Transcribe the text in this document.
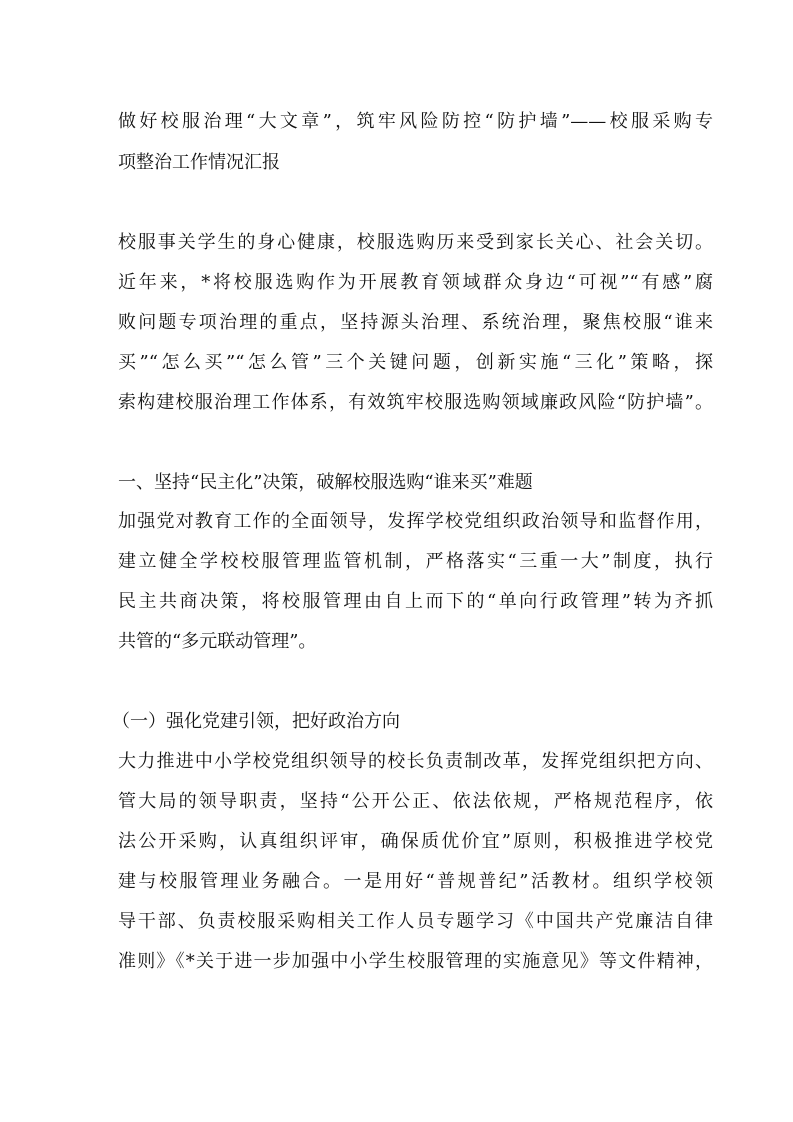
做好校服治理“大文章”，筑牢风险防控“防护墙”——校服采购专
项整治工作情况汇报
校服事关学生的身心健康，校服选购历来受到家长关心、社会关切。
近年来，*将校服选购作为开展教育领域群众身边“可视”“有感”腐
败问题专项治理的重点，坚持源头治理、系统治理，聚焦校服“谁来
买”“怎么买”“怎么管”三个关键问题，创新实施“三化”策略，探
索构建校服治理工作体系，有效筑牢校服选购领域廉政风险“防护墙”。
一、坚持“民主化”决策，破解校服选购“谁来买”难题
加强党对教育工作的全面领导，发挥学校党组织政治领导和监督作用，
建立健全学校校服管理监管机制，严格落实“三重一大”制度，执行
民主共商决策，将校服管理由自上而下的“单向行政管理”转为齐抓
共管的“多元联动管理”。
（一）强化党建引领，把好政治方向
大力推进中小学校党组织领导的校长负责制改革，发挥党组织把方向、
管大局的领导职责，坚持“公开公正、依法依规，严格规范程序，依
法公开采购，认真组织评审，确保质优价宜”原则，积极推进学校党
建与校服管理业务融合。一是用好“普规普纪”活教材。组织学校领
导干部、负责校服采购相关工作人员专题学习《中国共产党廉洁自律
准则》《*关于进一步加强中小学生校服管理的实施意见》等文件精神，
